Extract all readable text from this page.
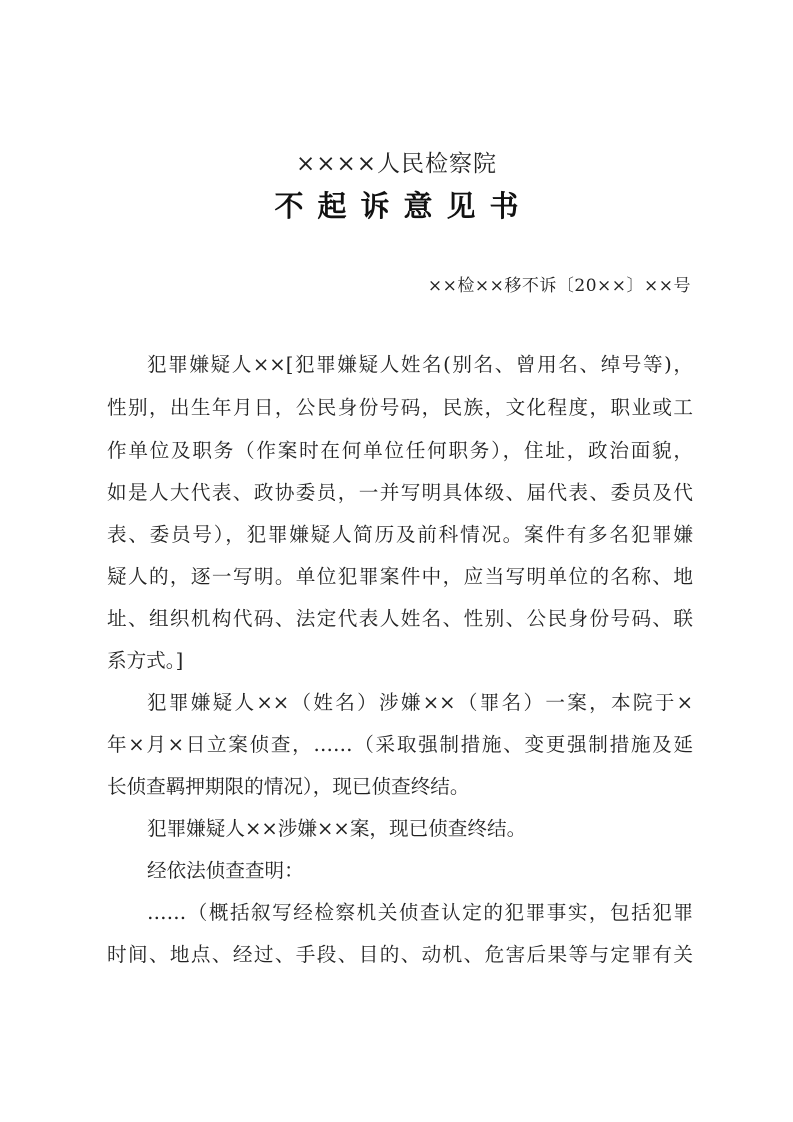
××××人民检察院
不起诉意见书
××检××移不诉〔20××〕××号
犯罪嫌疑人××[犯罪嫌疑人姓名(别名、曾用名、绰号等)，
性别，出生年月日，公民身份号码，民族，文化程度，职业或工
作单位及职务（作案时在何单位任何职务），住址，政治面貌，
如是人大代表、政协委员，一并写明具体级、届代表、委员及代
表、委员号），犯罪嫌疑人简历及前科情况。案件有多名犯罪嫌
疑人的，逐一写明。单位犯罪案件中，应当写明单位的名称、地
址、组织机构代码、法定代表人姓名、性别、公民身份号码、联
系方式。]
犯罪嫌疑人××（姓名）涉嫌××（罪名）一案，本院于×
年×月×日立案侦查，……（采取强制措施、变更强制措施及延
长侦查羁押期限的情况），现已侦查终结。
犯罪嫌疑人××涉嫌××案，现已侦查终结。
经依法侦查查明：
……（概括叙写经检察机关侦查认定的犯罪事实，包括犯罪
时间、地点、经过、手段、目的、动机、危害后果等与定罪有关
